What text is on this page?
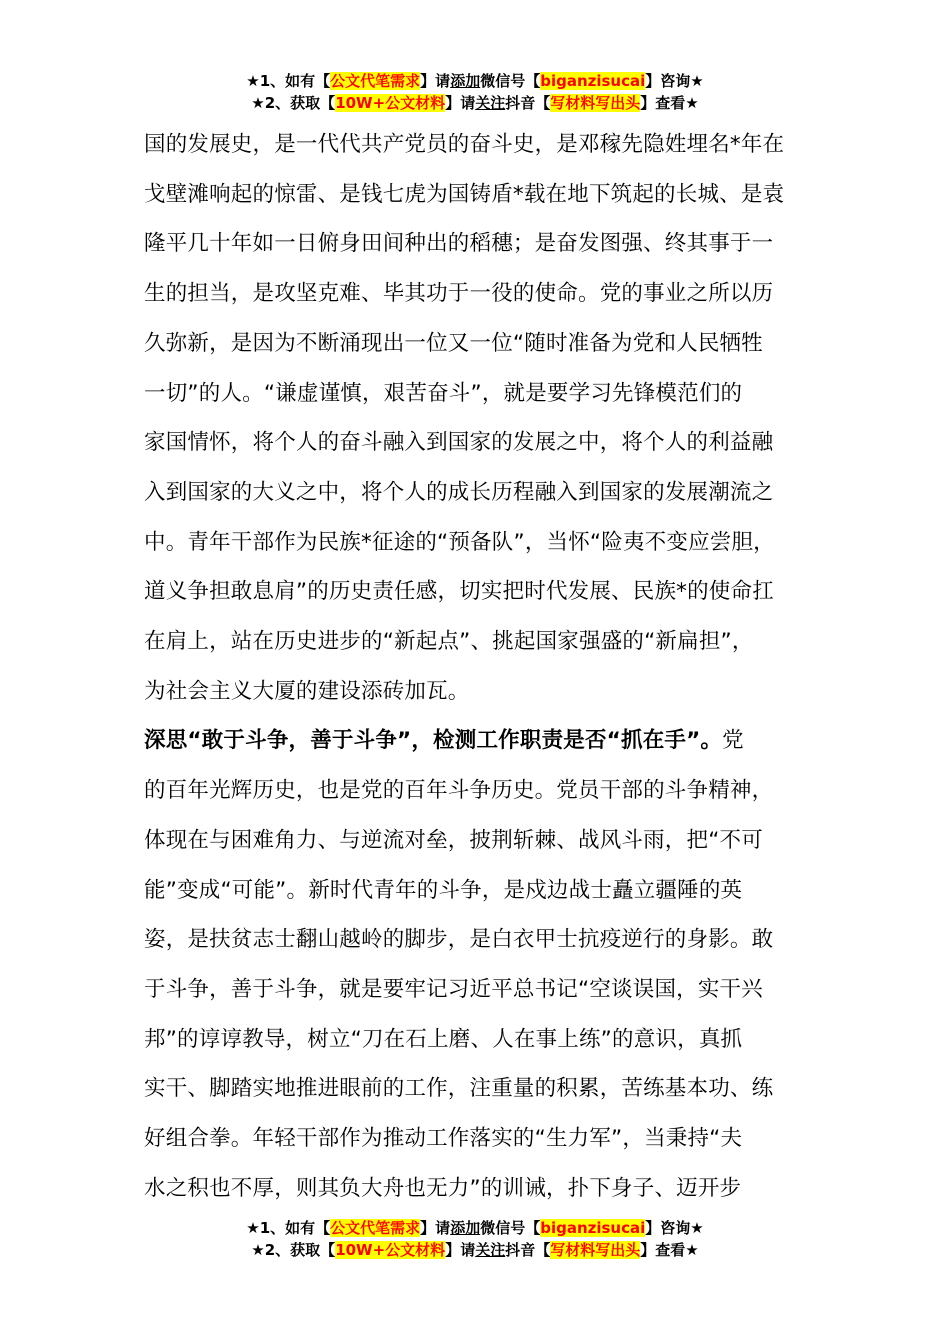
★1、如有【公文代笔需求】请添加微信号【biganzisucai】咨询★
★2、获取【10W+公文材料】请关注抖音【写材料写出头】查看★
国的发展史，是一代代共产党员的奋斗史，是邓稼先隐姓埋名*年在
戈壁滩响起的惊雷、是钱七虎为国铸盾*载在地下筑起的长城、是袁
隆平几十年如一日俯身田间种出的稻穗；是奋发图强、终其事于一
生的担当，是攻坚克难、毕其功于一役的使命。党的事业之所以历
久弥新，是因为不断涌现出一位又一位“随时准备为党和人民牺牲
一切”的人。“谦虚谨慎，艰苦奋斗”，就是要学习先锋模范们的
家国情怀，将个人的奋斗融入到国家的发展之中，将个人的利益融
入到国家的大义之中，将个人的成长历程融入到国家的发展潮流之
中。青年干部作为民族*征途的“预备队”，当怀“险夷不变应尝胆，
道义争担敢息肩”的历史责任感，切实把时代发展、民族*的使命扛
在肩上，站在历史进步的“新起点”、挑起国家强盛的“新扁担”，
为社会主义大厦的建设添砖加瓦。
深思“敢于斗争，善于斗争”，检测工作职责是否“抓在手”。党
的百年光辉历史，也是党的百年斗争历史。党员干部的斗争精神，
体现在与困难角力、与逆流对垒，披荆斩棘、战风斗雨，把“不可
能”变成“可能”。新时代青年的斗争，是戍边战士矗立疆陲的英
姿，是扶贫志士翻山越岭的脚步，是白衣甲士抗疫逆行的身影。敢
于斗争，善于斗争，就是要牢记习近平总书记“空谈误国，实干兴
邦”的谆谆教导，树立“刀在石上磨、人在事上练”的意识，真抓
实干、脚踏实地推进眼前的工作，注重量的积累，苦练基本功、练
好组合拳。年轻干部作为推动工作落实的“生力军”，当秉持“夫
水之积也不厚，则其负大舟也无力”的训诫，扑下身子、迈开步
★1、如有【公文代笔需求】请添加微信号【biganzisucai】咨询★
★2、获取【10W+公文材料】请关注抖音【写材料写出头】查看★
